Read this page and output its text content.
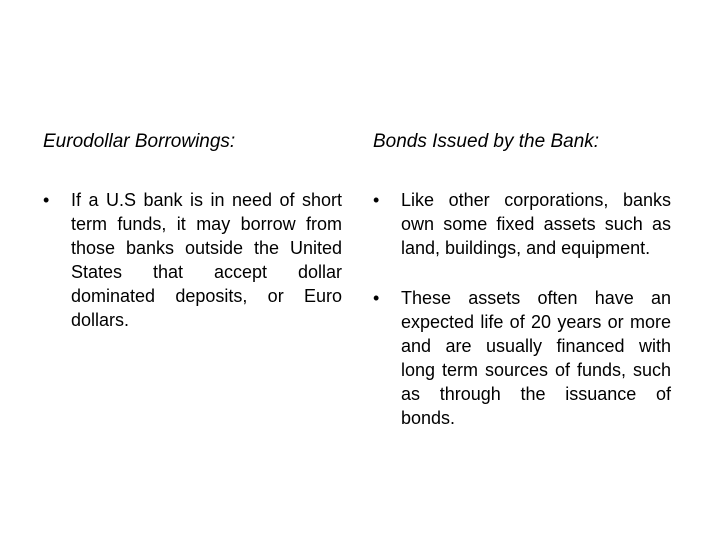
Eurodollar Borrowings:
•	If a U.S bank is in need of short term funds, it may borrow from those banks outside the United States that accept dollar dominated deposits, or Euro dollars.
Bonds Issued by the Bank:
•	Like other corporations, banks own some fixed assets such as land, buildings, and equipment.
•	These assets often have an expected life of 20 years or more and are usually financed with long term sources of funds, such as through the issuance of bonds.
